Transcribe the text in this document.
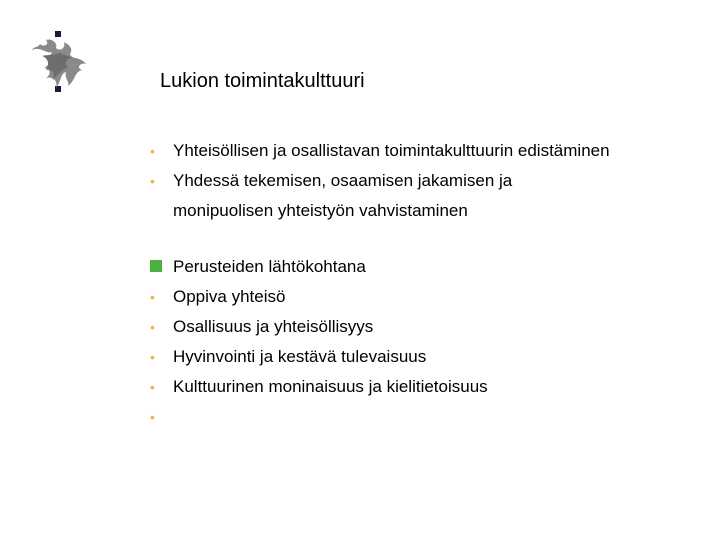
Lukion toimintakulttuuri
• Yhteisöllisen ja osallistavan toimintakulttuurin edistäminen
• Yhdessä tekemisen, osaamisen jakamisen ja
monipuolisen yhteistyön vahvistaminen
Perusteiden lähtökohtana
• Oppiva yhteisö
• Osallisuus ja yhteisöllisyys
• Hyvinvointi ja kestävä tulevaisuus
• Kulttuurinen moninaisuus ja kielitietoisuus
•
